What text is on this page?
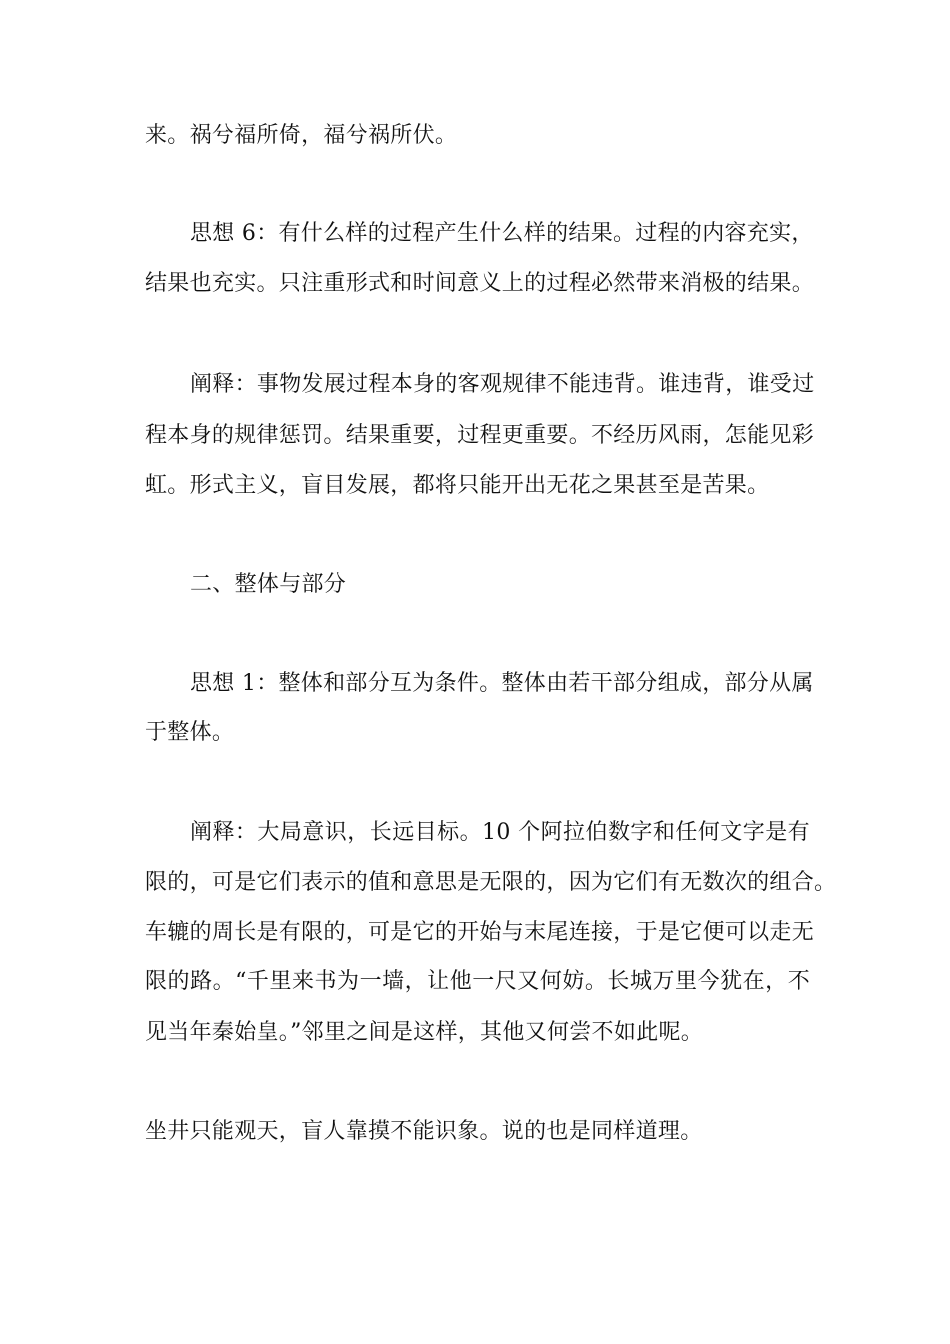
来。祸兮福所倚，福兮祸所伏。
思想 6：有什么样的过程产生什么样的结果。过程的内容充实，
结果也充实。只注重形式和时间意义上的过程必然带来消极的结果。
阐释：事物发展过程本身的客观规律不能违背。谁违背，谁受过
程本身的规律惩罚。结果重要，过程更重要。不经历风雨，怎能见彩
虹。形式主义，盲目发展，都将只能开出无花之果甚至是苦果。
二、整体与部分
思想 1：整体和部分互为条件。整体由若干部分组成，部分从属
于整体。
阐释：大局意识，长远目标。10 个阿拉伯数字和任何文字是有
限的，可是它们表示的值和意思是无限的，因为它们有无数次的组合。
车辘的周长是有限的，可是它的开始与末尾连接，于是它便可以走无
限的路。“千里来书为一墙，让他一尺又何妨。长城万里今犹在，不
见当年秦始皇。”邻里之间是这样，其他又何尝不如此呢。
坐井只能观天，盲人靠摸不能识象。说的也是同样道理。
